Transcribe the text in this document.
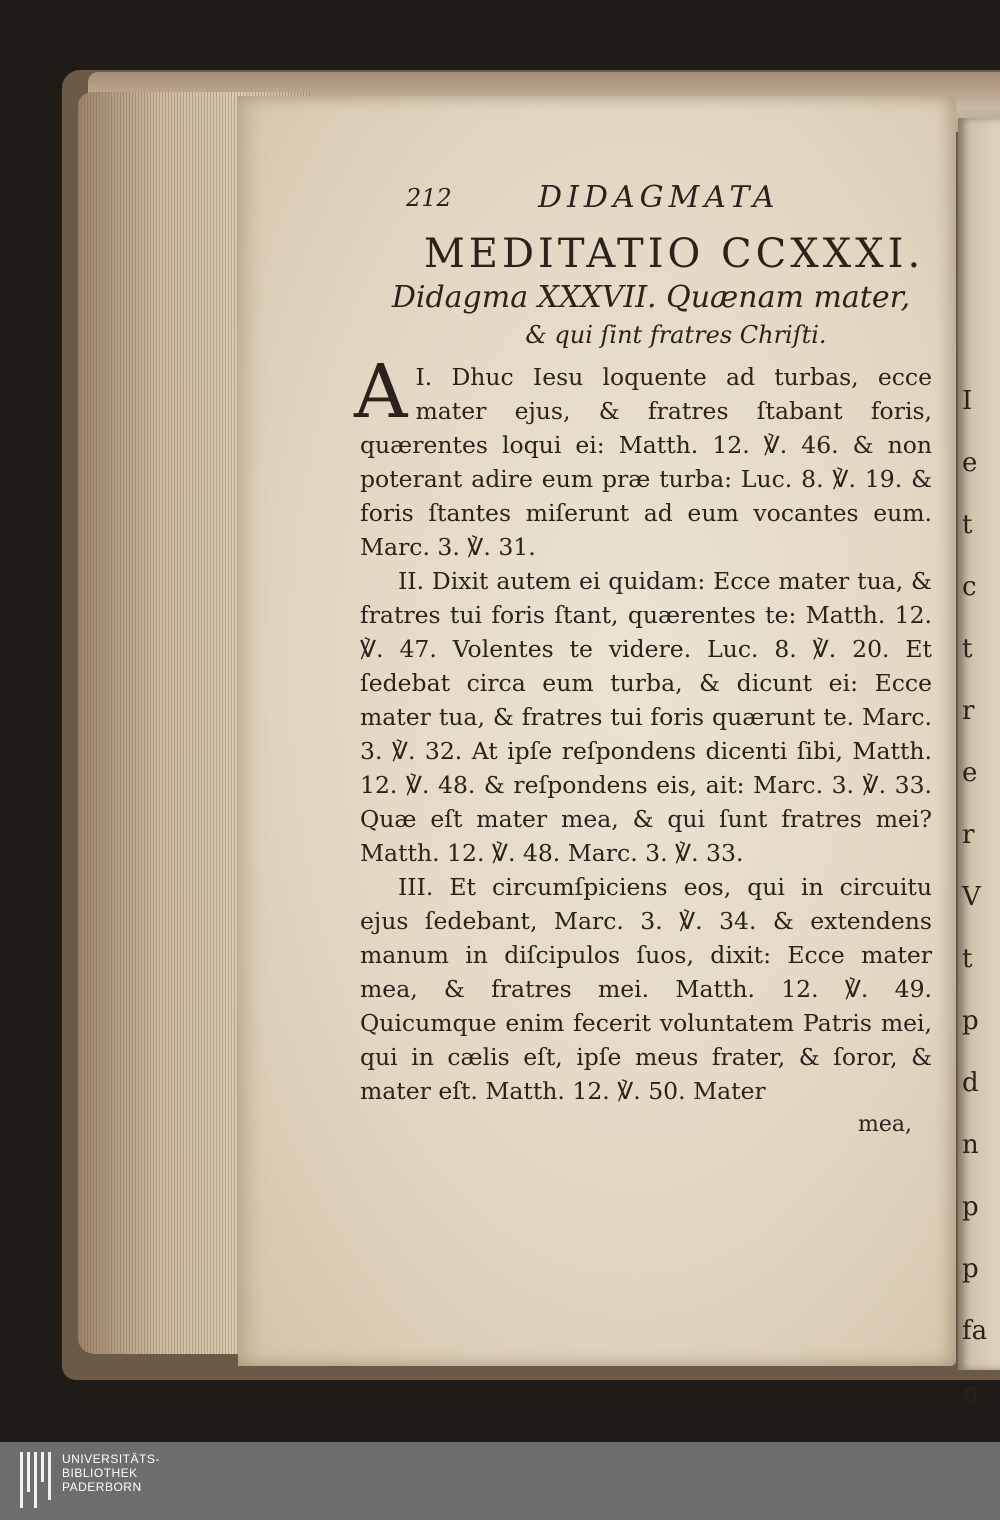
I
e
t
c
t
r
e
r
V
t
p
d
n
p
p
fa
n
212	DIDAGMATA
MEDITATIO CCXXXI.
Didagma XXXVII. Quænam mater,
& qui ſint fratres Chriſti.

I.
A Dhuc Iesu loquente ad turbas, ecce mater ejus, & fratres ſtabant foris, quærentes loqui ei: Matth. 12. ℣. 46. & non poterant adire eum præ turba: Luc. 8. ℣. 19. & foris ſtantes miſerunt ad eum vocantes eum. Marc. 3. ℣. 31.

II. Dixit autem ei quidam: Ecce mater tua, & fratres tui foris ſtant, quærentes te: Matth. 12. ℣. 47. Volentes te videre. Luc. 8. ℣. 20. Et ſedebat circa eum turba, & dicunt ei: Ecce mater tua, & fratres tui foris quærunt te. Marc. 3. ℣. 32. At ipſe reſpondens dicenti ſibi, Matth. 12. ℣. 48. & reſpondens eis, ait: Marc. 3. ℣. 33. Quæ eſt mater mea, & qui ſunt fratres mei? Matth. 12. ℣. 48. Marc. 3. ℣. 33.

III. Et circumſpiciens eos, qui in circuitu ejus ſedebant, Marc. 3. ℣. 34. & extendens manum in diſcipulos ſuos, dixit: Ecce mater mea, & fratres mei. Matth. 12. ℣. 49. Quicumque enim fecerit voluntatem Patris mei, qui in cælis eſt, ipſe meus frater, & ſoror, & mater eſt. Matth. 12. ℣. 50. Mater

mea,
UNIVERSITÄTS-
BIBLIOTHEK
PADERBORN
